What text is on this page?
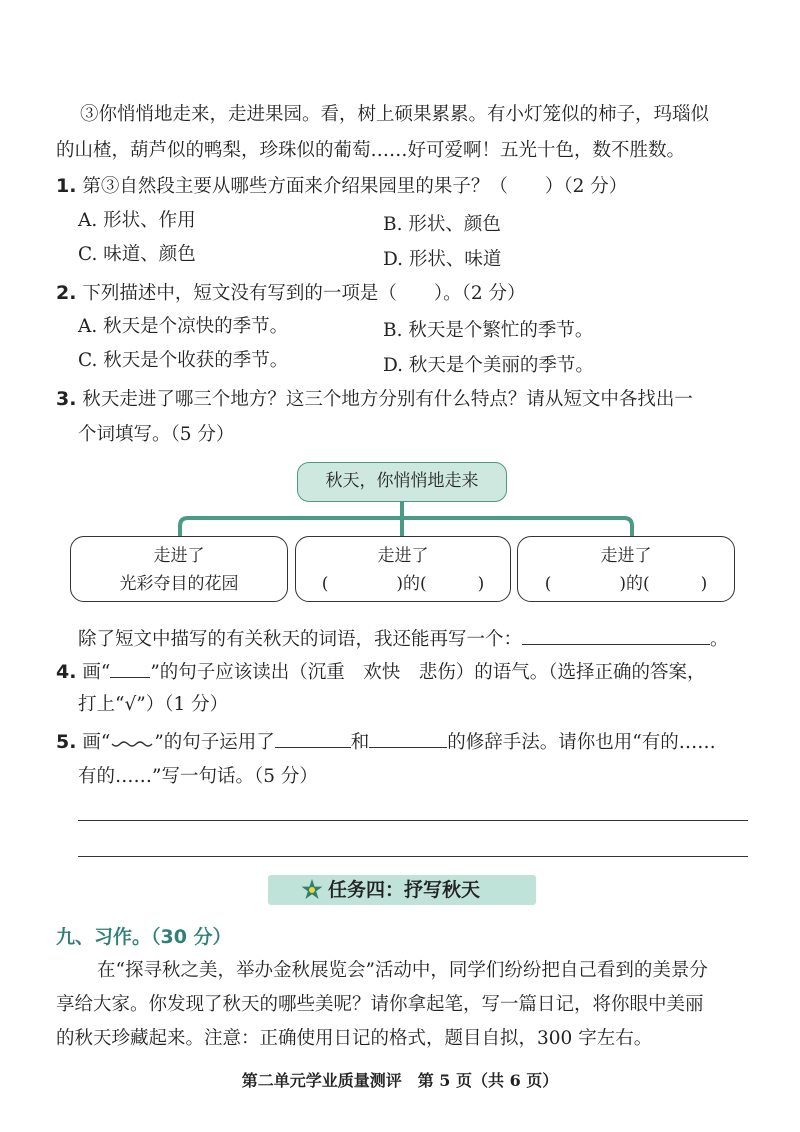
③你悄悄地走来，走进果园。看，树上硕果累累。有小灯笼似的柿子，玛瑙似
的山楂，葫芦似的鸭梨，珍珠似的葡萄……好可爱啊！五光十色，数不胜数。
1. 第③自然段主要从哪些方面来介绍果园里的果子？（　　）（2 分）
A. 形状、作用	B. 形状、颜色
C. 味道、颜色	D. 形状、味道
2. 下列描述中，短文没有写到的一项是（　　）。（2 分）
A. 秋天是个凉快的季节。	B. 秋天是个繁忙的季节。
C. 秋天是个收获的季节。	D. 秋天是个美丽的季节。
3. 秋天走进了哪三个地方？这三个地方分别有什么特点？请从短文中各找出一
个词填写。（5 分）
秋天，你悄悄地走来
走进了
光彩夺目的花园
走进了
(　　　　)的(　　　)
走进了
(　　　　)的(　　　)
除了短文中描写的有关秋天的词语，我还能再写一个：	。
4. 画“ ”的句子应该读出（沉重　欢快　悲伤）的语气。（选择正确的答案，
打上“√”）（1 分）
5. 画“ ”的句子运用了	和	的修辞手法。请你也用“有的……
有的……”写一句话。（5 分）
任务四：抒写秋天
九、习作。（30 分）
在“探寻秋之美，举办金秋展览会”活动中，同学们纷纷把自己看到的美景分
享给大家。你发现了秋天的哪些美呢？请你拿起笔，写一篇日记，将你眼中美丽
的秋天珍藏起来。注意：正确使用日记的格式，题目自拟，300 字左右。
第二单元学业质量测评　第 5 页（共 6 页）
